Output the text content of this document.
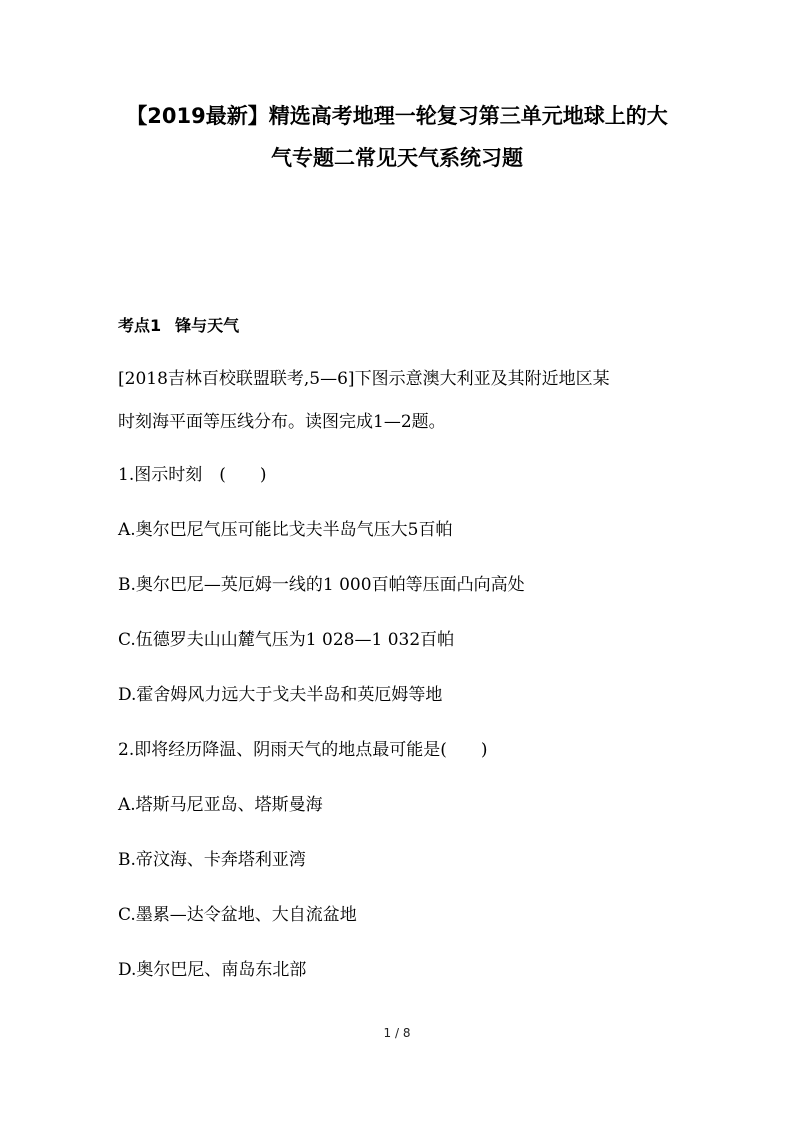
【2019最新】精选高考地理一轮复习第三单元地球上的大
气专题二常见天气系统习题
考点1 锋与天气
[2018吉林百校联盟联考,5—6]下图示意澳大利亚及其附近地区某
时刻海平面等压线分布。读图完成1—2题。
1.图示时刻　(　　)
A.奥尔巴尼气压可能比戈夫半岛气压大5百帕
B.奥尔巴尼—英厄姆一线的1 000百帕等压面凸向高处
C.伍德罗夫山山麓气压为1 028—1 032百帕
D.霍舍姆风力远大于戈夫半岛和英厄姆等地
2.即将经历降温、阴雨天气的地点最可能是(　　)
A.塔斯马尼亚岛、塔斯曼海
B.帝汶海、卡奔塔利亚湾
C.墨累—达令盆地、大自流盆地
D.奥尔巴尼、南岛东北部
1 / 8
